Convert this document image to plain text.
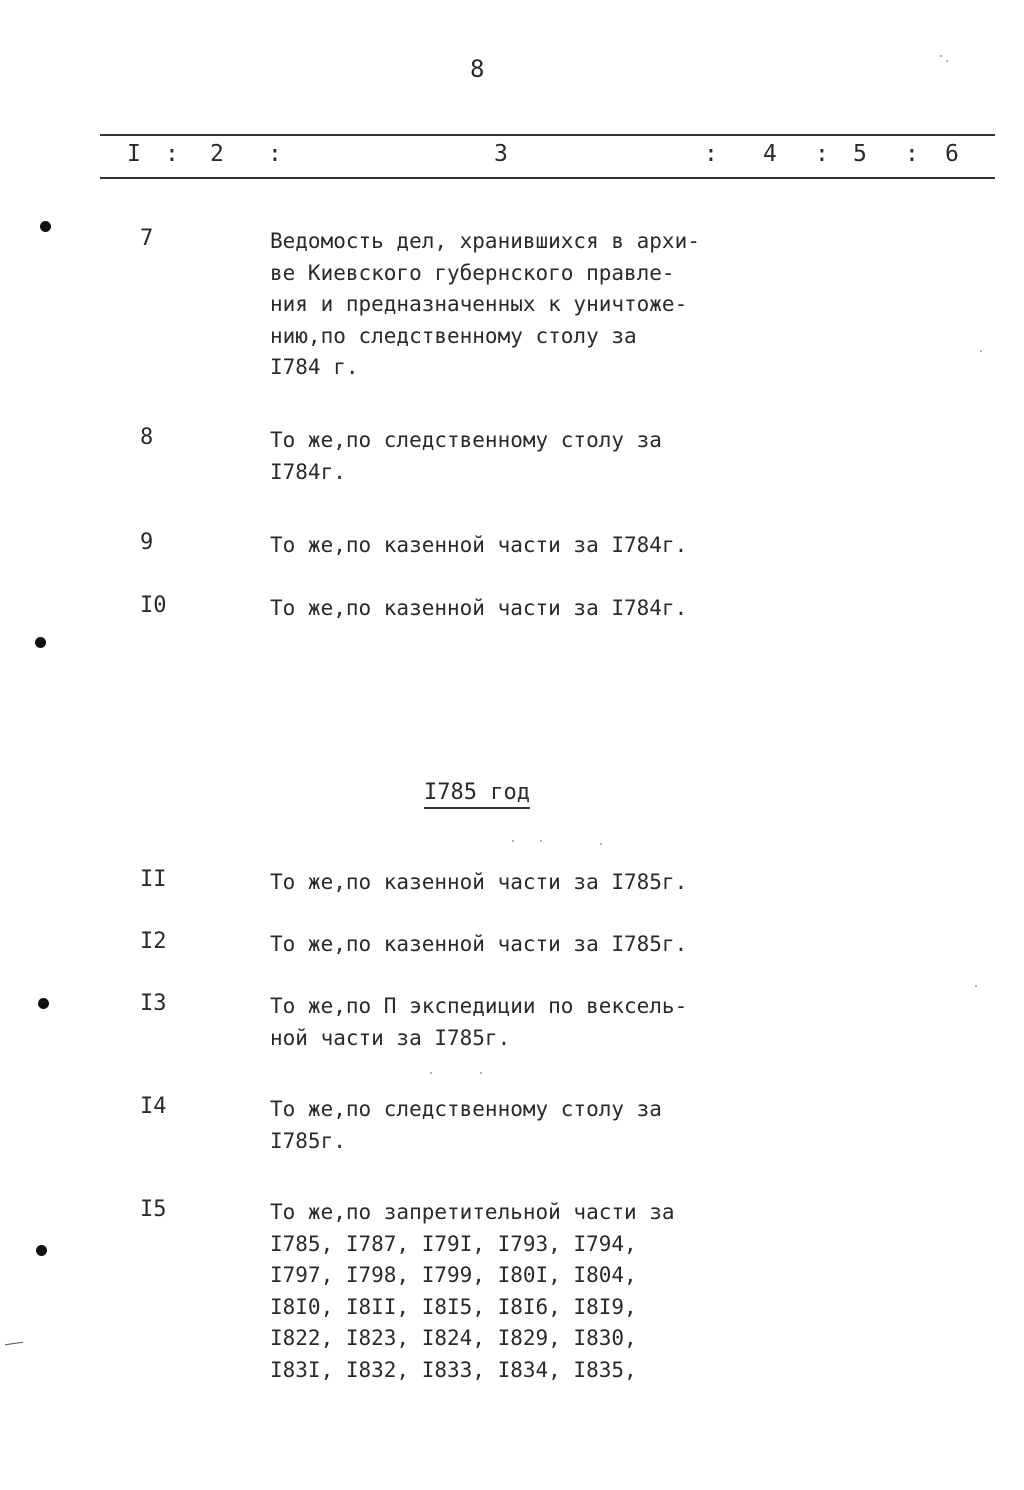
8
I : 2 :	3	: 4 : 5 : 6
7	Ведомость дел, хранившихся в архи-
ве Киевского губернского правле-
ния и предназначенных к уничтоже-
нию,по следственному столу за
I784 г.
8	То же,по следственному столу за
I784г.
9	То же,по казенной части за I784г.
I0	То же,по казенной части за I784г.
I785 год
II	То же,по казенной части за I785г.
I2	То же,по казенной части за I785г.
I3	То же,по П экспедиции по вексель-
ной части за I785г.
I4	То же,по следственному столу за
I785г.
I5	То же,по запретительной части за
I785, I787, I79I, I793, I794,
I797, I798, I799, I80I, I804,
I8I0, I8II, I8I5, I8I6, I8I9,
I822, I823, I824, I829, I830,
I83I, I832, I833, I834, I835,
